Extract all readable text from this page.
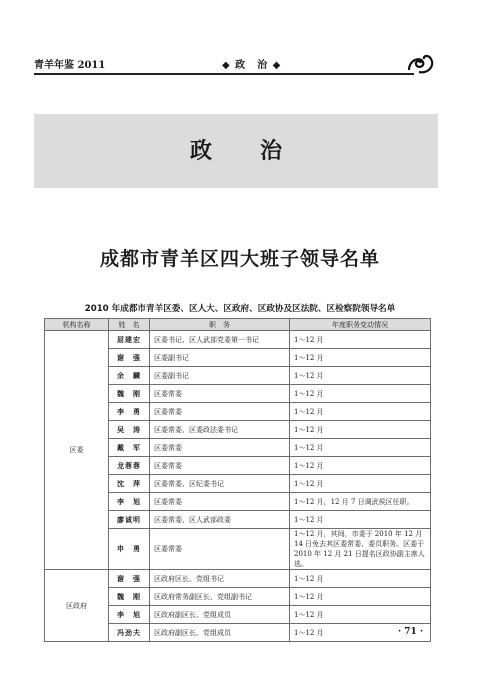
青羊年鉴 2011	◆ 政　治 ◆
政治
成都市青羊区四大班子领导名单
2010 年成都市青羊区委、区人大、区政府、区政协及区法院、区检察院领导名单
机构名称	姓　名	职　务	年度职务变动情况
区委	屈建宏	区委书记、区人武部党委第一书记	1～12 月
	谢　强	区委副书记	1～12 月
	余　麟	区委副书记	1～12 月
	魏　刚	区委常委	1～12 月
	李　勇	区委常委	1～12 月
	吴　涛	区委常委、区委政法委书记	1～12 月
	戴　军	区委常委	1～12 月
	龙蓉蓉	区委常委	1～12 月
	沈　萍	区委常委、区纪委书记	1～12 月
	李　旭	区委常委	1～12 月，12 月 7 日调武侯区任职。
	廖诚明	区委常委、区人武部政委	1～12 月
	申　勇	区委常委	1～12 月，其间，市委于 2010 年 12 月 14 日免去其区委常委、委员职务。区委于 2010 年 12 月 21 日提名区政协副主席人选。
区政府	谢　强	区政府区长、党组书记	1～12 月
	魏　刚	区政府常务副区长、党组副书记	1～12 月
	李　旭	区政府副区长、党组成员	1～12 月
	冯劲夫	区政府副区长、党组成员	1～12 月	· 71 ·
